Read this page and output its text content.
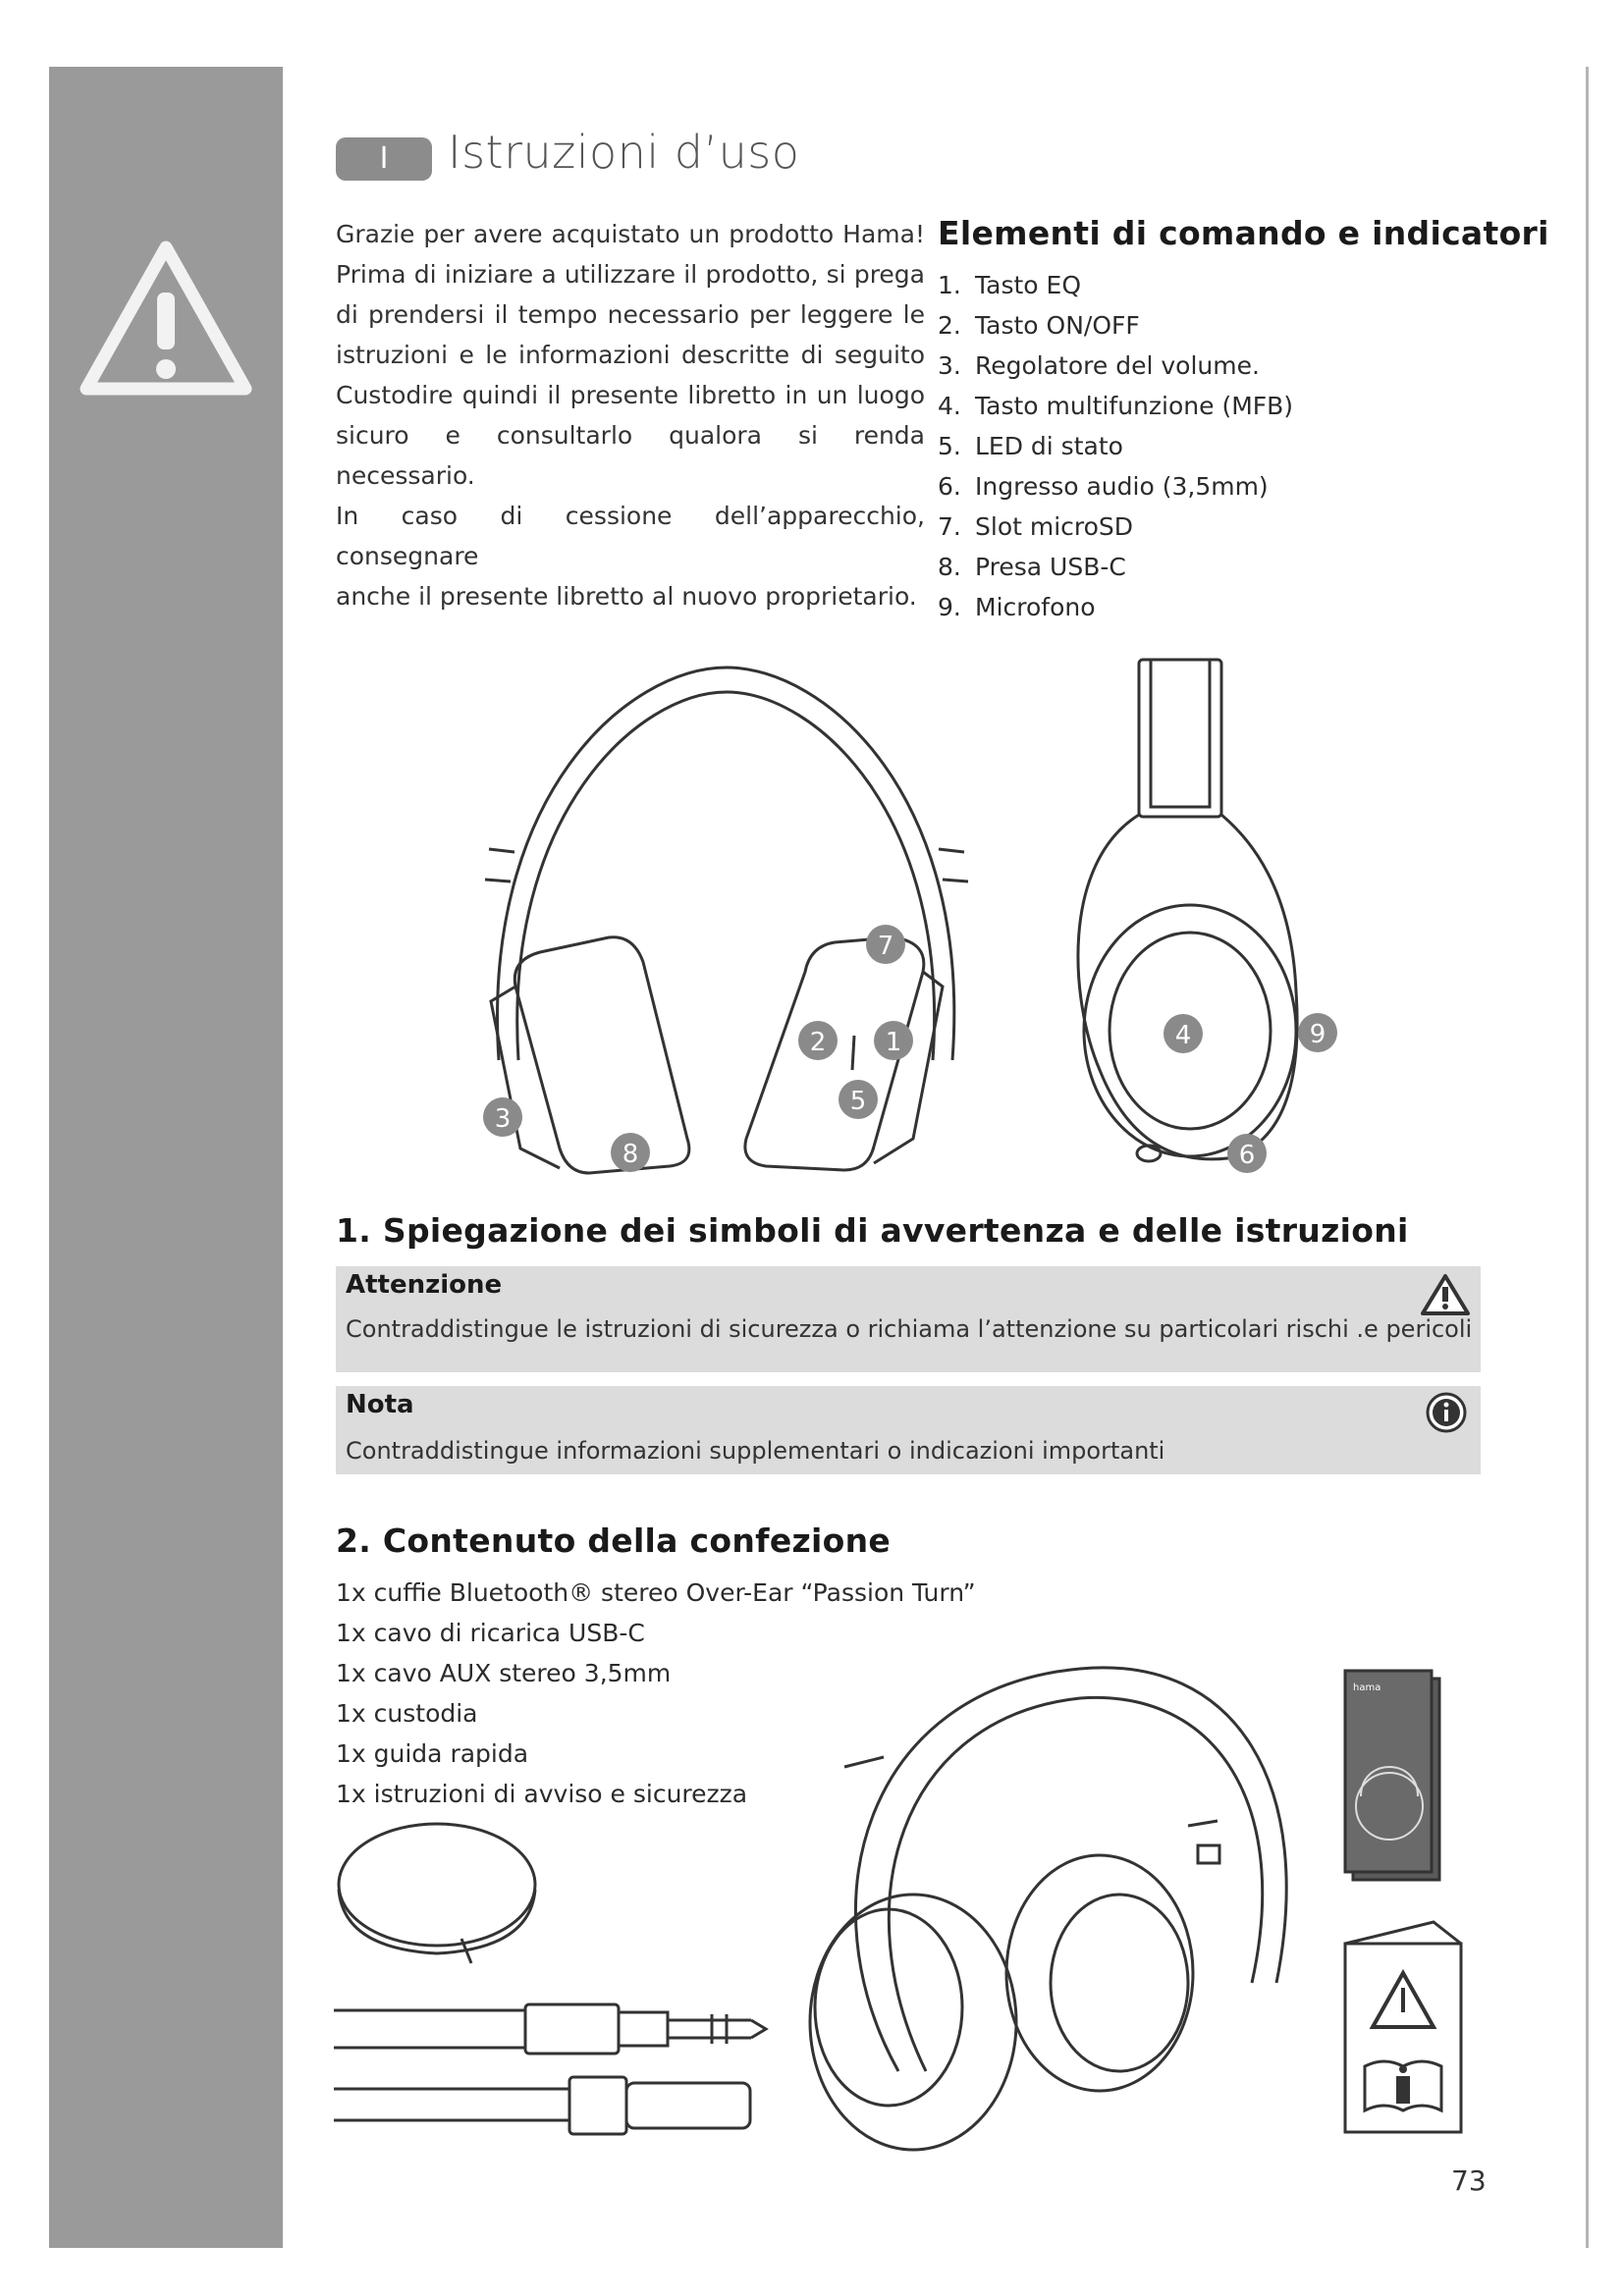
I	Istruzioni d’uso

Grazie per avere acquistato un prodotto Hama!

Prima di iniziare a utilizzare il prodotto, si prega

di prendersi il tempo necessario per leggere le

istruzioni e le informazioni descritte di seguito

Custodire quindi il presente libretto in un luogo

sicuro e consultarlo qualora si renda necessario.

In caso di cessione dell’apparecchio, consegnare

anche il presente libretto al nuovo proprietario.

Elementi di comando e indicatori
1. Tasto EQ
2. Tasto ON/OFF
3. Regolatore del volume.
4. Tasto multifunzione (MFB)
5. LED di stato
6. Ingresso audio (3,5mm)
7. Slot microSD
8. Presa USB-C
9. Microfono
7
2 1
5
3
8
4	9
6
1. Spiegazione dei simboli di avvertenza e delle istruzioni
Attenzione
Contraddistingue le istruzioni di sicurezza o richiama l’attenzione su particolari rischi .e pericoli
Nota
Contraddistingue informazioni supplementari o indicazioni importanti
2. Contenuto della confezione
1x cuffie Bluetooth® stereo Over-Ear “Passion Turn”
1x cavo di ricarica USB-C
1x cavo AUX stereo 3,5mm
1x custodia
1x guida rapida
1x istruzioni di avviso e sicurezza
hama
73
